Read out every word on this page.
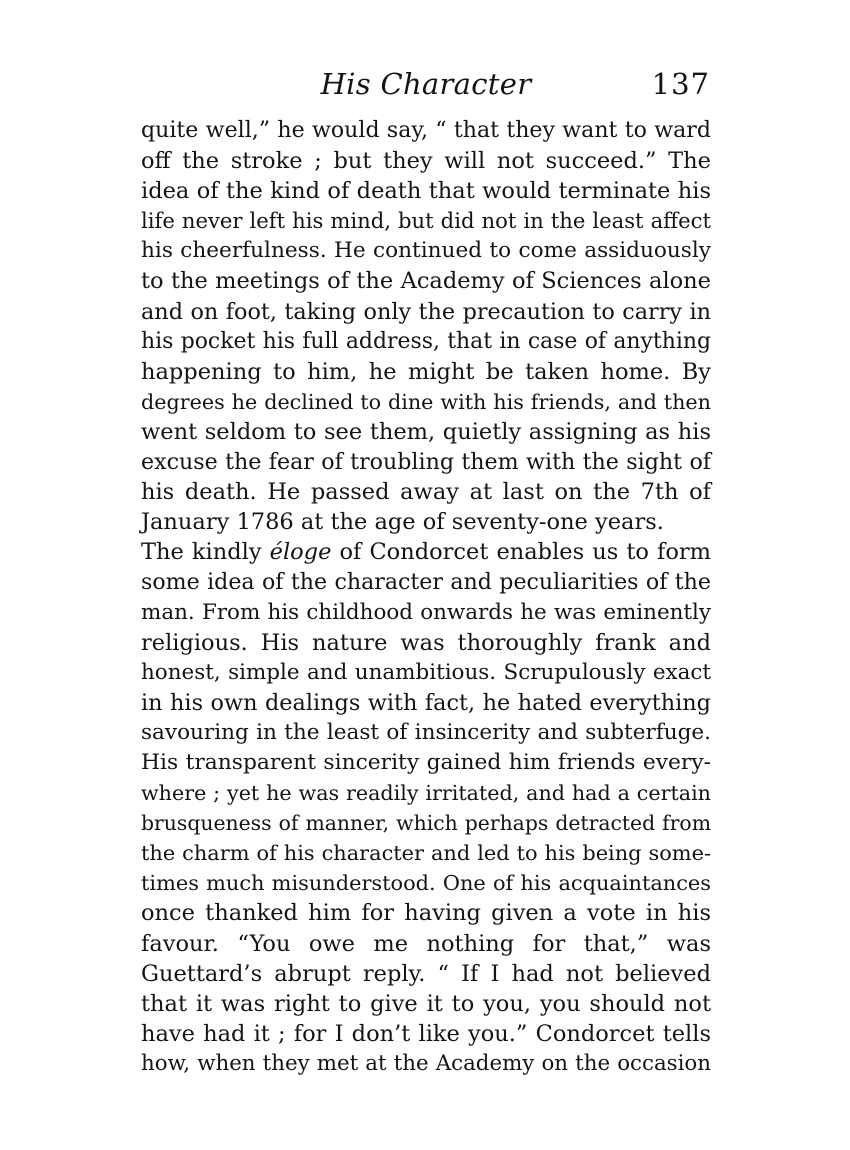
His Character	137
quite well,” he would say, “ that they want to ward
off the stroke ; but they will not succeed.” The
idea of the kind of death that would terminate his
life never left his mind, but did not in the least affect
his cheerfulness. He continued to come assiduously
to the meetings of the Academy of Sciences alone
and on foot, taking only the precaution to carry in
his pocket his full address, that in case of anything
happening to him, he might be taken home. By
degrees he declined to dine with his friends, and then
went seldom to see them, quietly assigning as his
excuse the fear of troubling them with the sight of
his death. He passed away at last on the 7th of
January 1786 at the age of seventy-one years.
The kindly éloge of Condorcet enables us to form
some idea of the character and peculiarities of the
man. From his childhood onwards he was eminently
religious. His nature was thoroughly frank and
honest, simple and unambitious. Scrupulously exact
in his own dealings with fact, he hated everything
savouring in the least of insincerity and subterfuge.
His transparent sincerity gained him friends every-
where ; yet he was readily irritated, and had a certain
brusqueness of manner, which perhaps detracted from
the charm of his character and led to his being some-
times much misunderstood. One of his acquaintances
once thanked him for having given a vote in his
favour. “You owe me nothing for that,” was
Guettard’s abrupt reply. “ If I had not believed
that it was right to give it to you, you should not
have had it ; for I don’t like you.” Condorcet tells
how, when they met at the Academy on the occasion
